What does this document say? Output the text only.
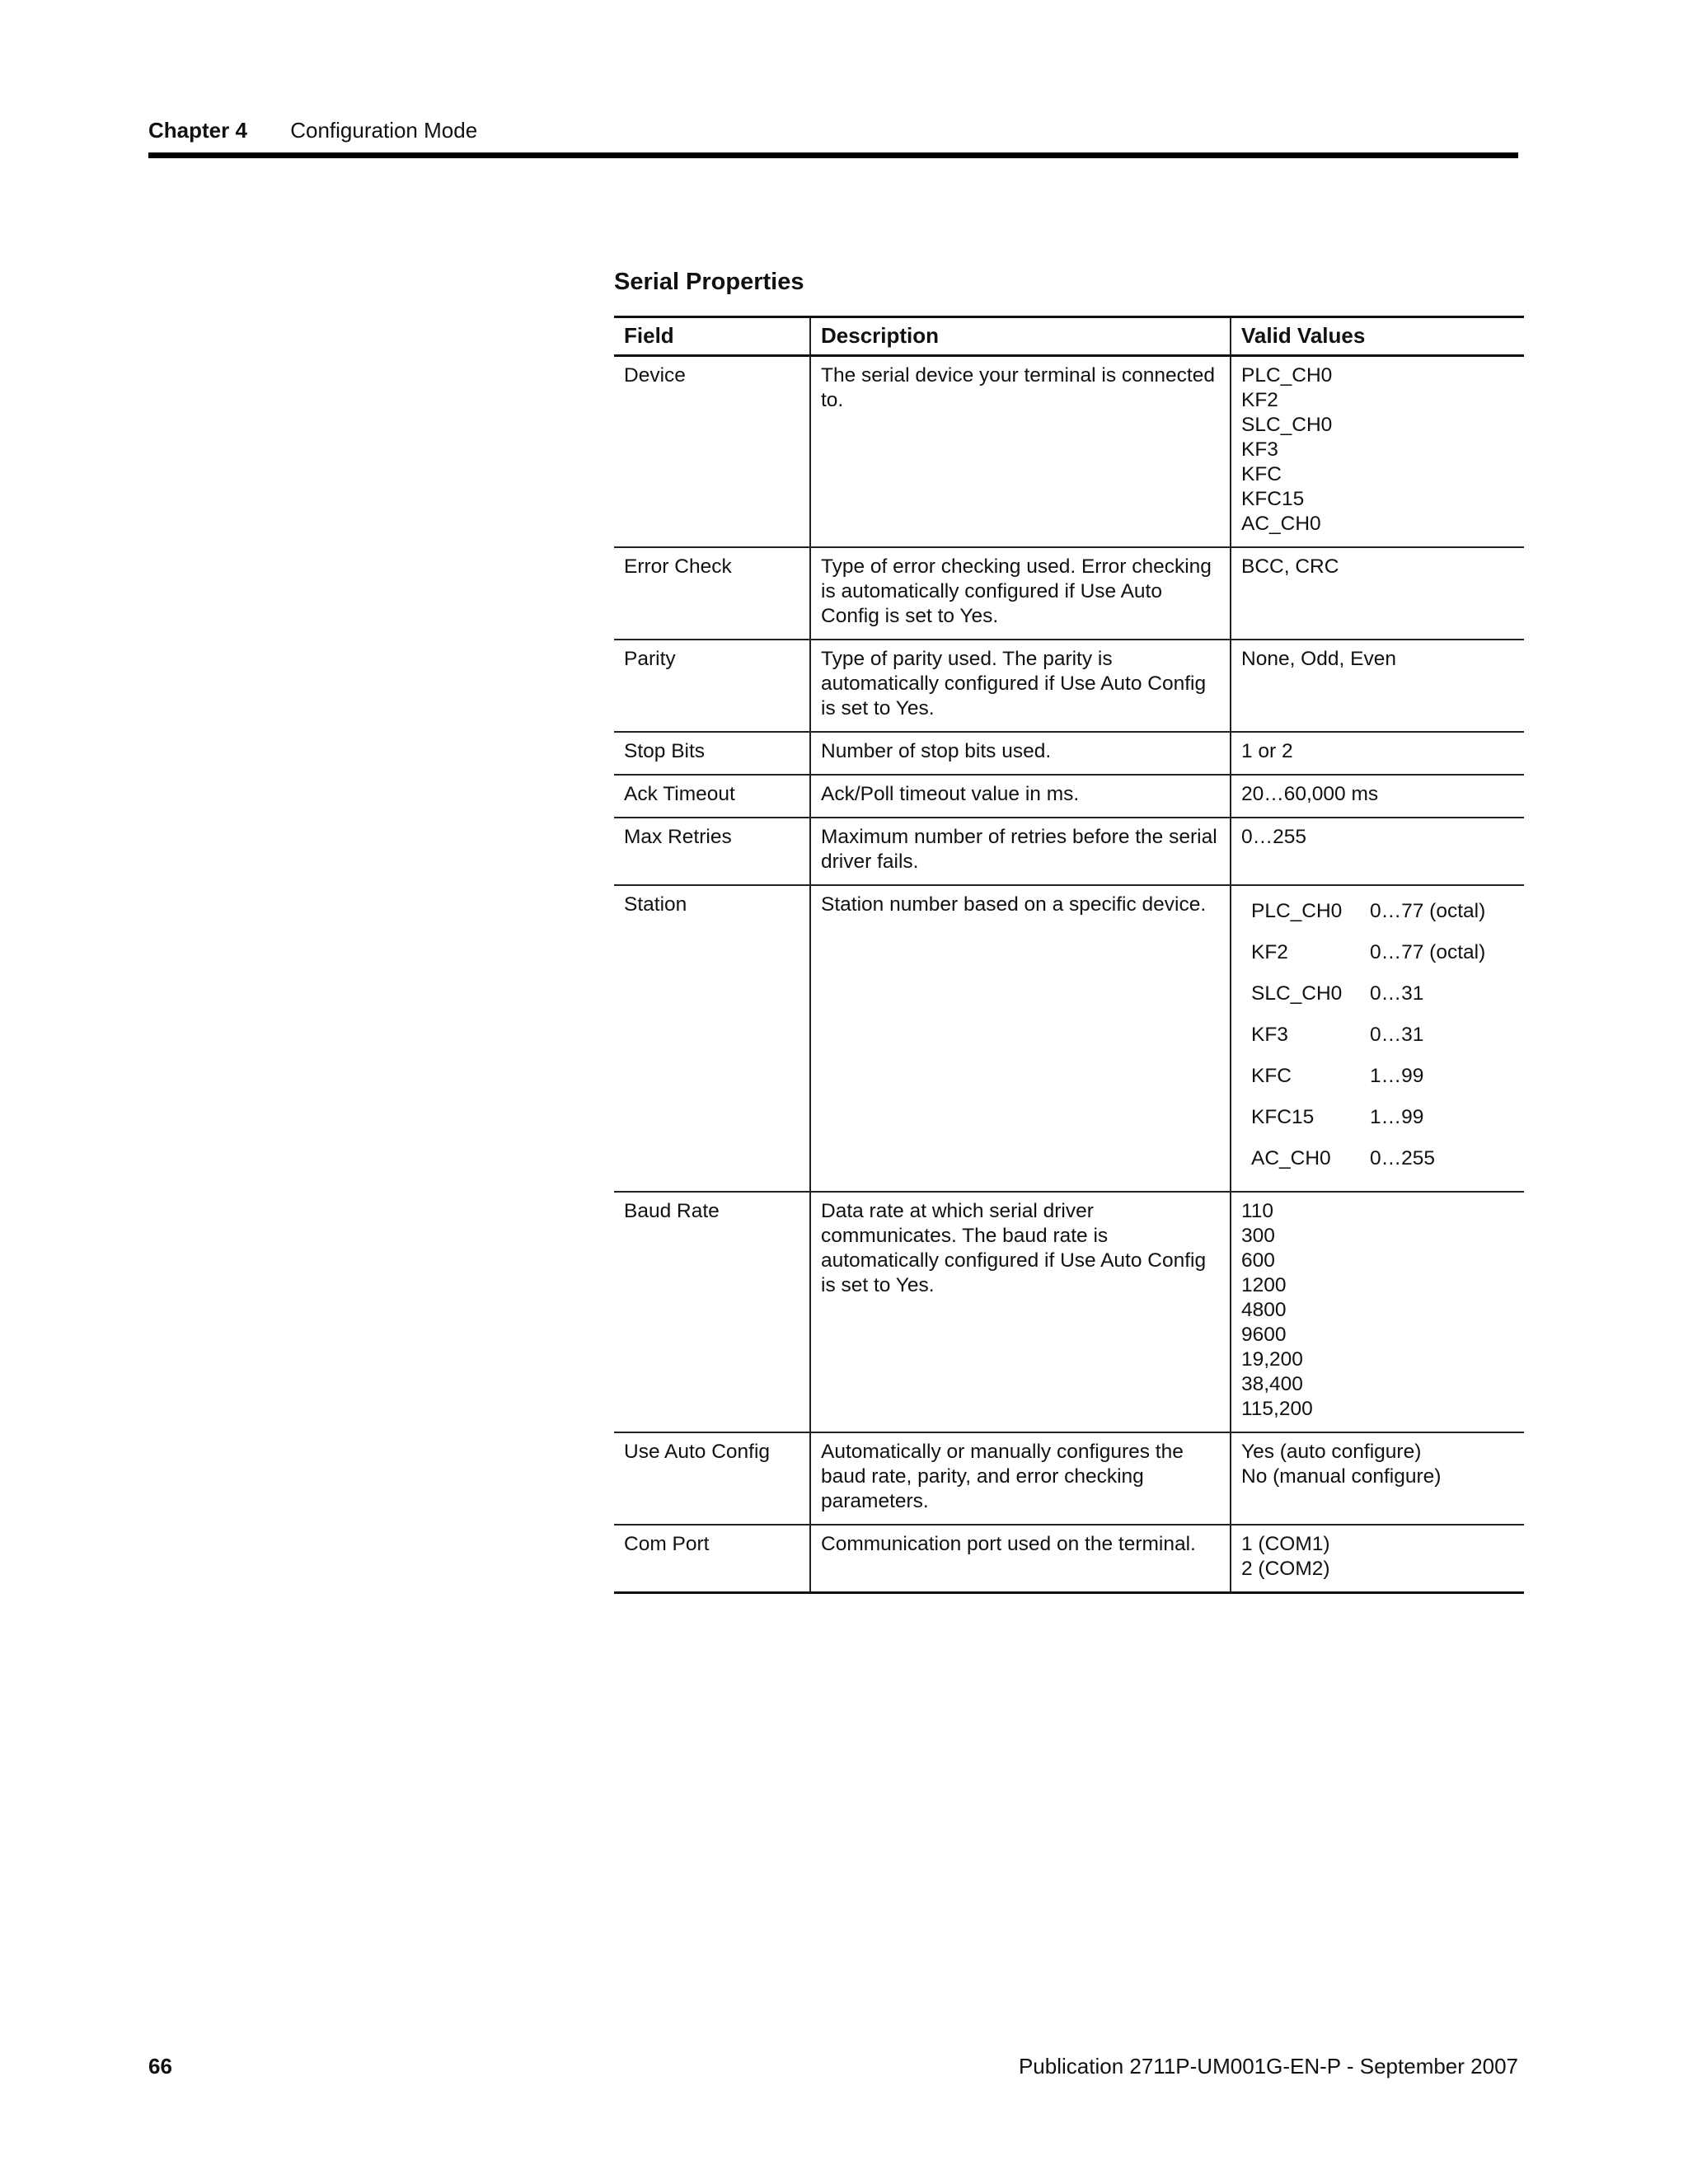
Chapter 4 Configuration Mode
Serial Properties
Field	Description	Valid Values
Device	The serial device your terminal is connected to.	
PLC_CH0
KF2
SLC_CH0
KF3
KFC
KFC15
AC_CH0

Error Check	Type of error checking used. Error checking is automatically configured if Use Auto Config is set to Yes.	
BCC, CRC

Parity	Type of parity used. The parity is automatically configured if Use Auto Config is set to Yes.	
None, Odd, Even

Stop Bits	Number of stop bits used.	1 or 2

Ack Timeout	Ack/Poll timeout value in ms.	20…60,000 ms

Max Retries	Maximum number of retries before the serial driver fails.	
0…255

Station	Station number based on a specific device.	PLC_CH0	0…77 (octal)
KF2	0…77 (octal)
SLC_CH0	0…31
KF3	0…31
KFC	1…99
KFC15	1…99
AC_CH0	0…255

Baud Rate	Data rate at which serial driver communicates. The baud rate is automatically configured if Use Auto Config is set to Yes.	
110
300
600
1200
4800
9600
19,200
38,400
115,200

Use Auto Config	Automatically or manually configures the baud rate, parity, and error checking parameters.	
Yes (auto configure)
No (manual configure)

Com Port	Communication port used on the terminal.	1 (COM1)
2 (COM2)
66	Publication 2711P-UM001G-EN-P - September 2007
